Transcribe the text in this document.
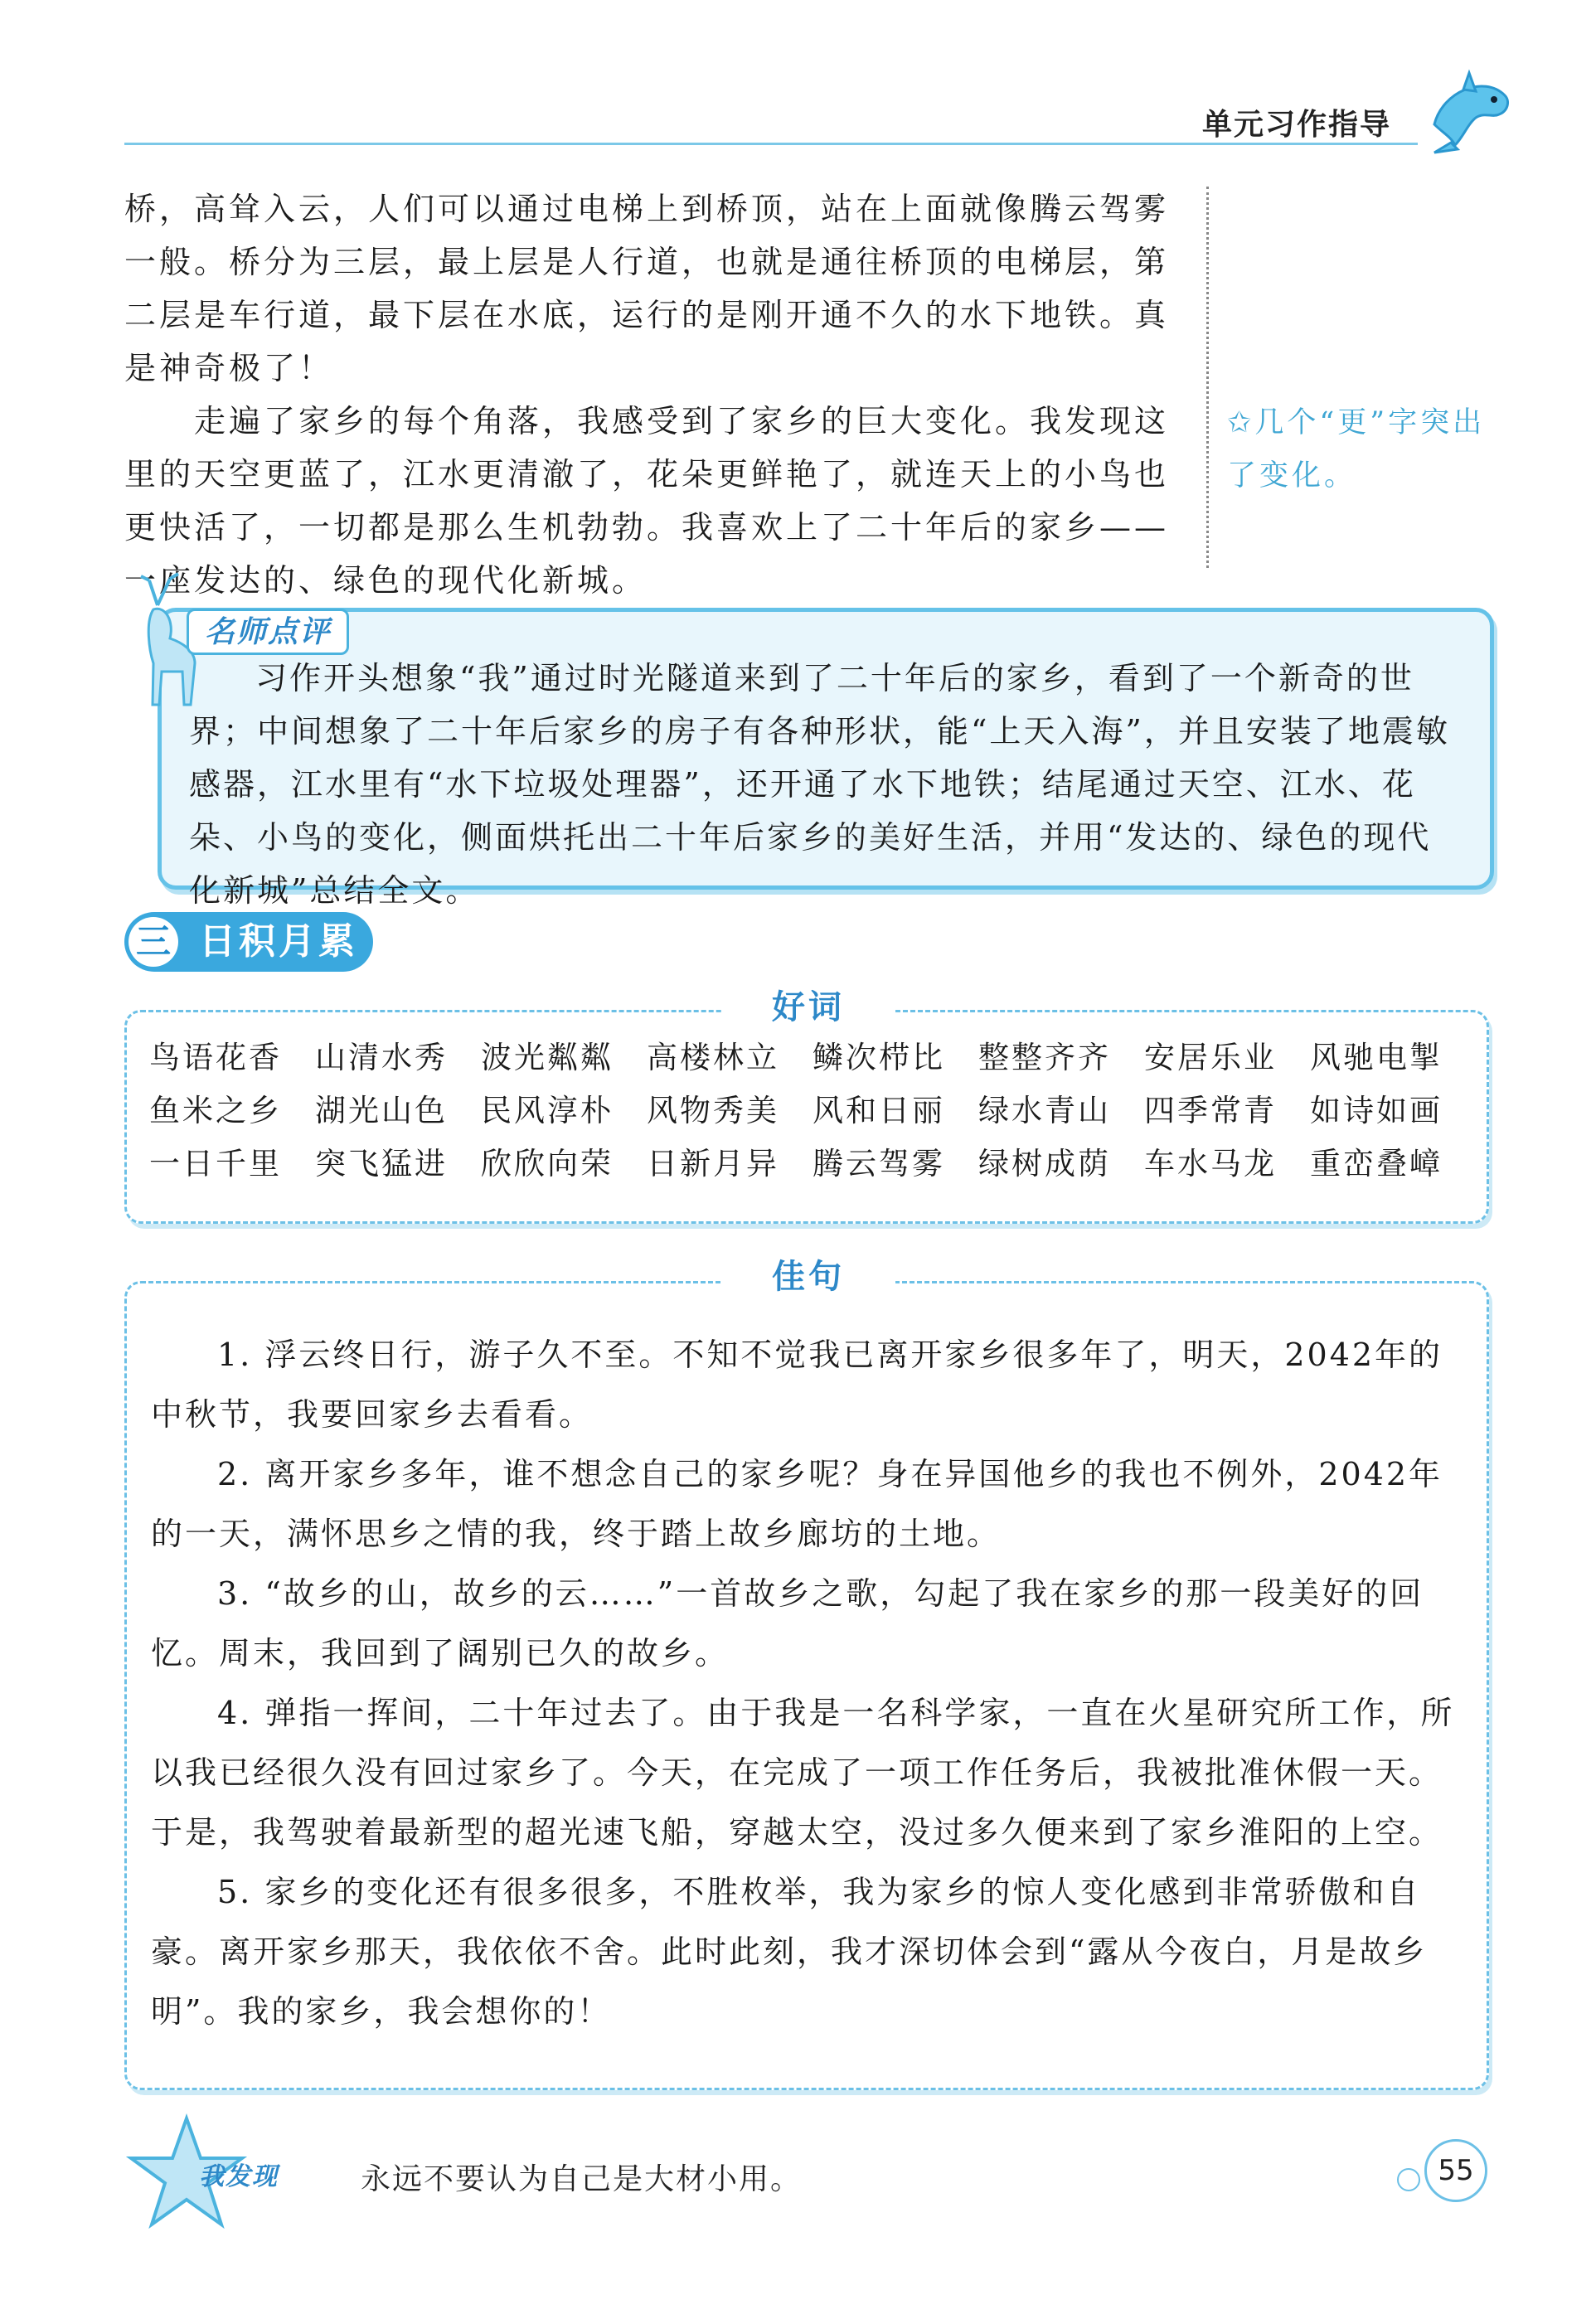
单元习作指导

桥，高耸入云，人们可以通过电梯上到桥顶，站在上面就像腾云驾雾一般。桥分为三层，最上层是人行道，也就是通往桥顶的电梯层，第二层是车行道，最下层在水底，运行的是刚开通不久的水下地铁。真是神奇极了！

走遍了家乡的每个角落，我感受到了家乡的巨大变化。我发现这里的天空更蓝了，江水更清澈了，花朵更鲜艳了，就连天上的小鸟也更快活了，一切都是那么生机勃勃。我喜欢上了二十年后的家乡——一座发达的、绿色的现代化新城。

✩几个“更”字突出了变化。
名师点评

习作开头想象“我”通过时光隧道来到了二十年后的家乡，看到了一个新奇的世界；中间想象了二十年后家乡的房子有各种形状，能“上天入海”，并且安装了地震敏感器，江水里有“水下垃圾处理器”，还开通了水下地铁；结尾通过天空、江水、花朵、小鸟的变化，侧面烘托出二十年后家乡的美好生活，并用“发达的、绿色的现代化新城”总结全文。

三 日积月累
好词
鸟语花香	山清水秀	波光粼粼	高楼林立	鳞次栉比	整整齐齐	安居乐业	风驰电掣
鱼米之乡	湖光山色	民风淳朴	风物秀美	风和日丽	绿水青山	四季常青	如诗如画
一日千里	突飞猛进	欣欣向荣	日新月异	腾云驾雾	绿树成荫	车水马龙	重峦叠嶂
佳句

1. 浮云终日行，游子久不至。不知不觉我已离开家乡很多年了，明天，2042年的中秋节，我要回家乡去看看。

2. 离开家乡多年，谁不想念自己的家乡呢？身在异国他乡的我也不例外，2042年的一天，满怀思乡之情的我，终于踏上故乡廊坊的土地。

3. “故乡的山，故乡的云……”一首故乡之歌，勾起了我在家乡的那一段美好的回忆。周末，我回到了阔别已久的故乡。

4. 弹指一挥间，二十年过去了。由于我是一名科学家，一直在火星研究所工作，所以我已经很久没有回过家乡了。今天，在完成了一项工作任务后，我被批准休假一天。于是，我驾驶着最新型的超光速飞船，穿越太空，没过多久便来到了家乡淮阳的上空。

5. 家乡的变化还有很多很多，不胜枚举，我为家乡的惊人变化感到非常骄傲和自豪。离开家乡那天，我依依不舍。此时此刻，我才深切体会到“露从今夜白，月是故乡明”。我的家乡，我会想你的！

我发现	永远不要认为自己是大材小用。	55
